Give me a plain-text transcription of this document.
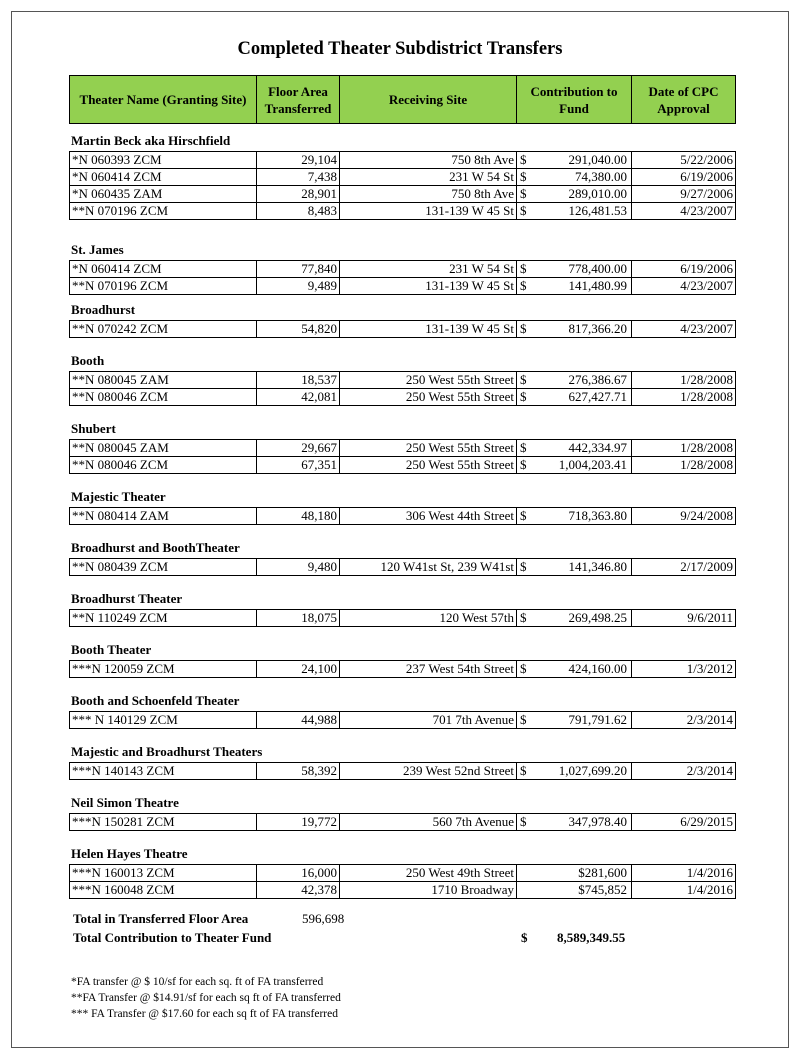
Completed Theater Subdistrict Transfers
Theater Name (Granting Site)	Floor Area Transferred	Receiving Site	Contribution to Fund	Date of CPC Approval
Total in Transferred Floor Area	596,698
Total Contribution to Theater Fund	$ 8,589,349.55
*FA transfer @ $ 10/sf for each sq. ft of FA transferred
**FA Transfer @ $14.91/sf for each sq ft of FA transferred
*** FA Transfer @ $17.60 for each sq ft of FA transferred
Martin Beck aka Hirschfield
*N 060393 ZCM	29,104	750 8th Ave	$ 291,040.00	5/22/2006
*N 060414 ZCM	7,438	231 W 54 St	$ 74,380.00	6/19/2006
*N 060435 ZAM	28,901	750 8th Ave	$ 289,010.00	9/27/2006
**N 070196 ZCM	8,483	131-139 W 45 St	$ 126,481.53	4/23/2007
St. James
*N 060414 ZCM	77,840	231 W 54 St	$ 778,400.00	6/19/2006
**N 070196 ZCM	9,489	131-139 W 45 St	$ 141,480.99	4/23/2007
Broadhurst
**N 070242 ZCM	54,820	131-139 W 45 St	$	817,366.20	4/23/2007
Booth
**N 080045 ZAM	18,537	250 West 55th Street	$ 276,386.67	1/28/2008
**N 080046 ZCM	42,081	250 West 55th Street	$ 627,427.71	1/28/2008
Shubert
**N 080045 ZAM	29,667	250 West 55th Street	$ 442,334.97	1/28/2008
**N 080046 ZCM	67,351	250 West 55th Street	$ 1,004,203.41	1/28/2008
Majestic Theater
**N 080414 ZAM	48,180	306 West 44th Street	$	718,363.80	9/24/2008
Broadhurst and BoothTheater
**N 080439 ZCM	9,480	120 W41st St, 239 W41st	$	141,346.80	2/17/2009
Broadhurst Theater
**N 110249 ZCM	18,075	120 West 57th	$	269,498.25	9/6/2011
Booth Theater
***N 120059 ZCM	24,100	237 West 54th Street	$	424,160.00	1/3/2012
Booth and Schoenfeld Theater
*** N 140129 ZCM	44,988	701 7th Avenue	$	791,791.62	2/3/2014
Majestic and Broadhurst Theaters
***N 140143 ZCM	58,392	239 West 52nd Street	$ 1,027,699.20	2/3/2014
Neil Simon Theatre
***N 150281 ZCM	19,772	560 7th Avenue	$	347,978.40	6/29/2015
Helen Hayes Theatre
***N 160013 ZCM	16,000	250 West 49th Street	$281,600	1/4/2016
***N 160048 ZCM	42,378	1710 Broadway	$745,852	1/4/2016
